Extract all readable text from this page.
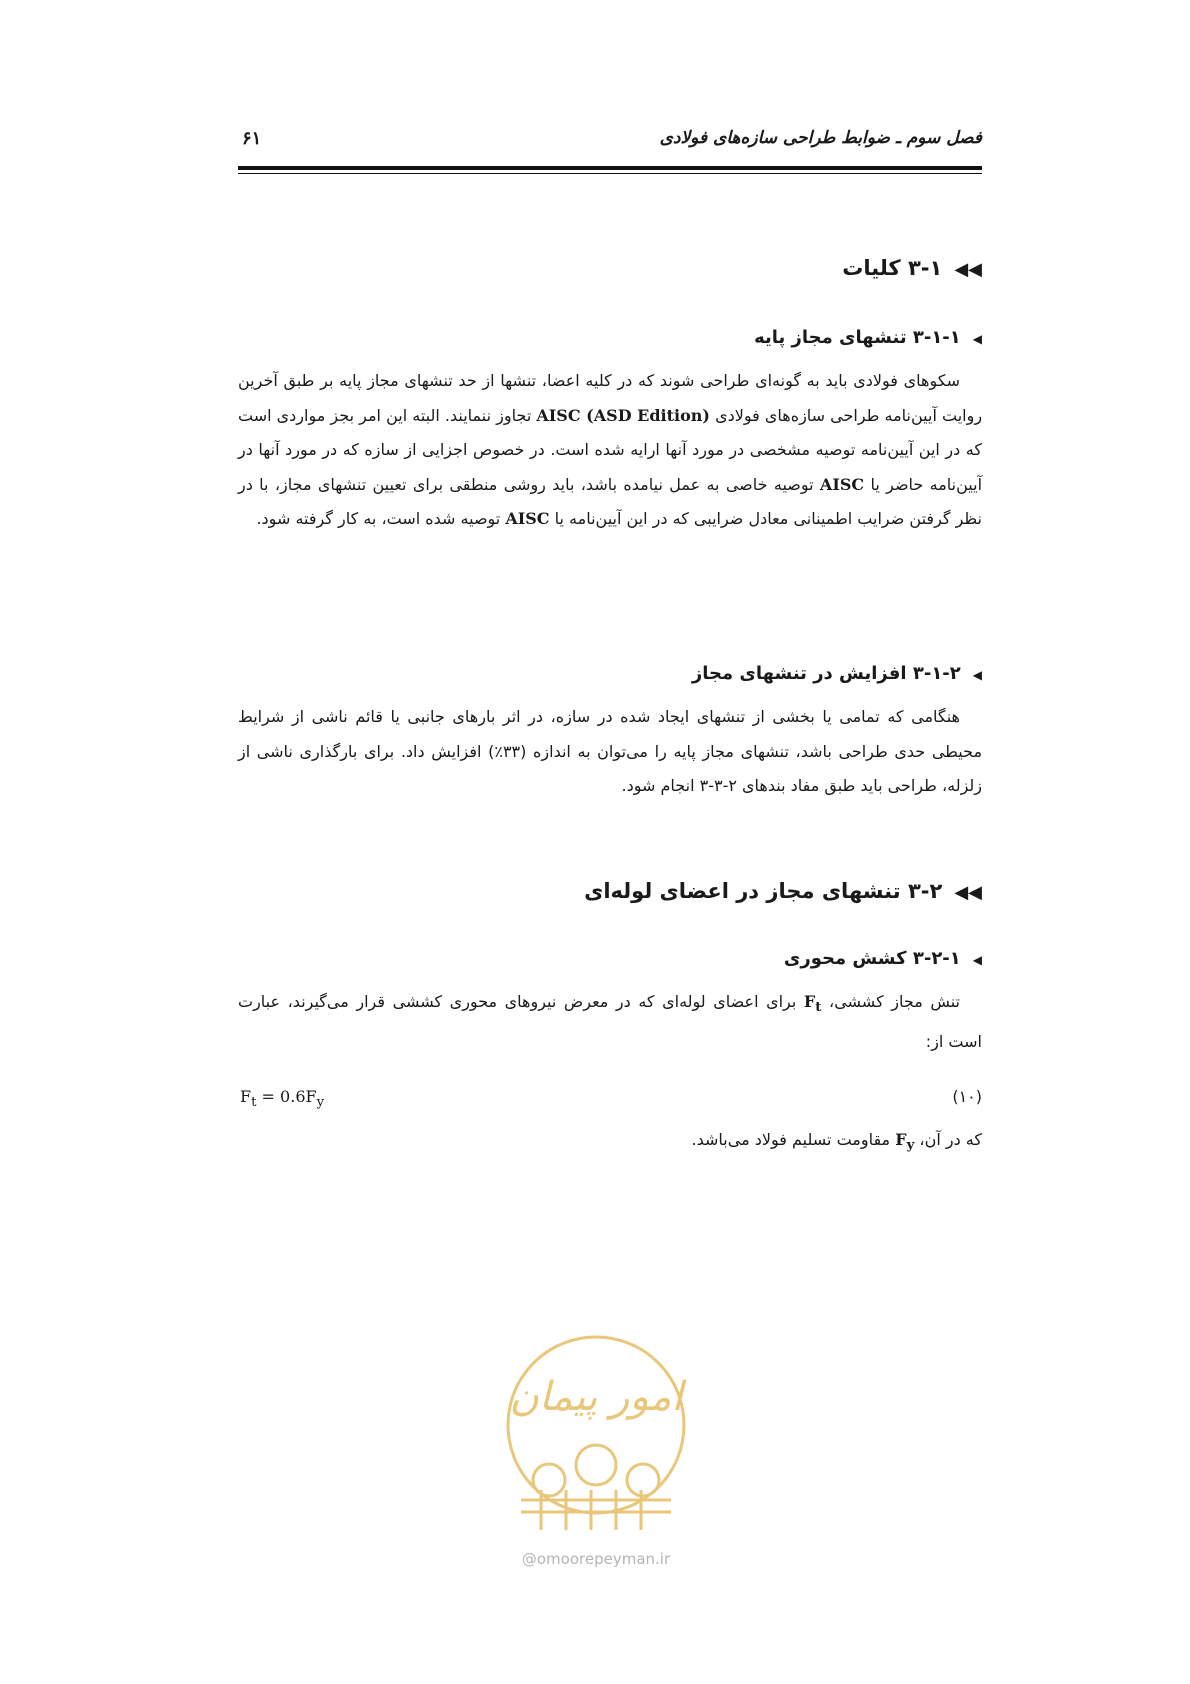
فصل سوم ـ ضوابط طراحی سازه‌های فولادی
۶۱
◀◀۳-۱ کلیات
◀۳-۱-۱ تنشهای مجاز پایه
سکوهای فولادی باید به گونه‌ای طراحی شوند که در کلیه اعضا، تنشها از حد تنشهای مجاز پایه بر طبق آخرین روایت آیین‌نامه طراحی سازه‌های فولادی AISC (ASD Edition) تجاوز ننمایند. البته این امر بجز مواردی است که در این آیین‌نامه توصیه مشخصی در مورد آنها ارایه شده است. در خصوص اجزایی از سازه که در مورد آنها در آیین‌نامه حاضر یا AISC توصیه خاصی به عمل نیامده باشد، باید روشی منطقی برای تعیین تنشهای مجاز، با در نظر گرفتن ضرایب اطمینانی معادل ضرایبی که در این آیین‌نامه یا AISC توصیه شده است، به کار گرفته شود.
◀۳-۱-۲ افزایش در تنشهای مجاز
هنگامی که تمامی یا بخشی از تنشهای ایجاد شده در سازه، در اثر بارهای جانبی یا قائم ناشی از شرایط محیطی حدی طراحی باشد، تنشهای مجاز پایه را می‌توان به اندازه (۳۳٪) افزایش داد. برای بارگذاری ناشی از زلزله، طراحی باید طبق مفاد بندهای ۲-۳-۳ انجام شود.
◀◀۳-۲ تنشهای مجاز در اعضای لوله‌ای
◀۳-۲-۱ کشش محوری
تنش مجاز کششی، $F_t$ برای اعضای لوله‌ای که در معرض نیروهای محوری کششی قرار می‌گیرند، عبارت است از:
(۱۰)
$F_t = 0.6F_y$
که در آن، $F_y$ مقاومت تسلیم فولاد می‌باشد.
امور پیمان
@omoorepeyman.ir
